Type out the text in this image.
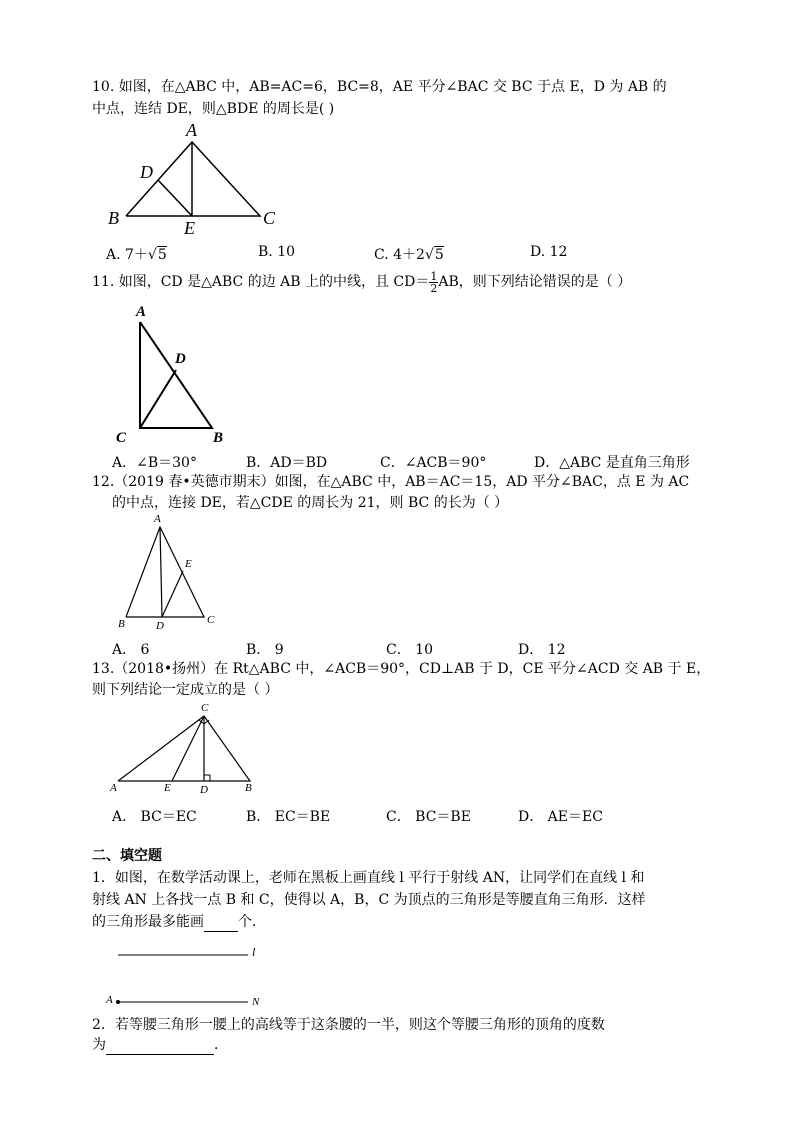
10. 如图，在△ABC 中，AB=AC=6，BC=8，AE 平分∠BAC 交 BC 于点 E，D 为 AB 的
中点，连结 DE，则△BDE 的周长是( )
A
D
B	E	C
A. 7＋√5	B. 10	C. 4＋2√5	D. 12
11. 如图，CD 是△ABC 的边 AB 上的中线，且 $CD= \frac{1}{2}$ AB，则下列结论错误的是（ ）
A
D
C	B
A．∠B＝30°	B．AD＝BD	C．∠ACB＝90°	D．△ABC 是直角三角形
12.（2019 春•英德市期末）如图，在△ABC 中，AB＝AC＝15，AD 平分∠BAC，点 E 为 AC
的中点，连接 DE，若△CDE 的周长为 21，则 BC 的长为（ ）
A
E
B	D	C
A． 6	B． 9	C． 10	D． 12
13.（2018•扬州）在 Rt△ABC 中，∠ACB＝90°，CD⊥AB 于 D，CE 平分∠ACD 交 AB 于 E，
则下列结论一定成立的是（ ）
C
A	E	D	B
A． BC＝EC	B． EC＝BE	C． BC＝BE	D． AE＝EC
二、填空题
1．如图，在数学活动课上，老师在黑板上画直线 l 平行于射线 AN，让同学们在直线 l 和
射线 AN 上各找一点 B 和 C，使得以 A，B，C 为顶点的三角形是等腰直角三角形．这样
的三角形最多能画 个．
l
A	N
2．若等腰三角形一腰上的高线等于这条腰的一半，则这个等腰三角形的顶角的度数
为	．
